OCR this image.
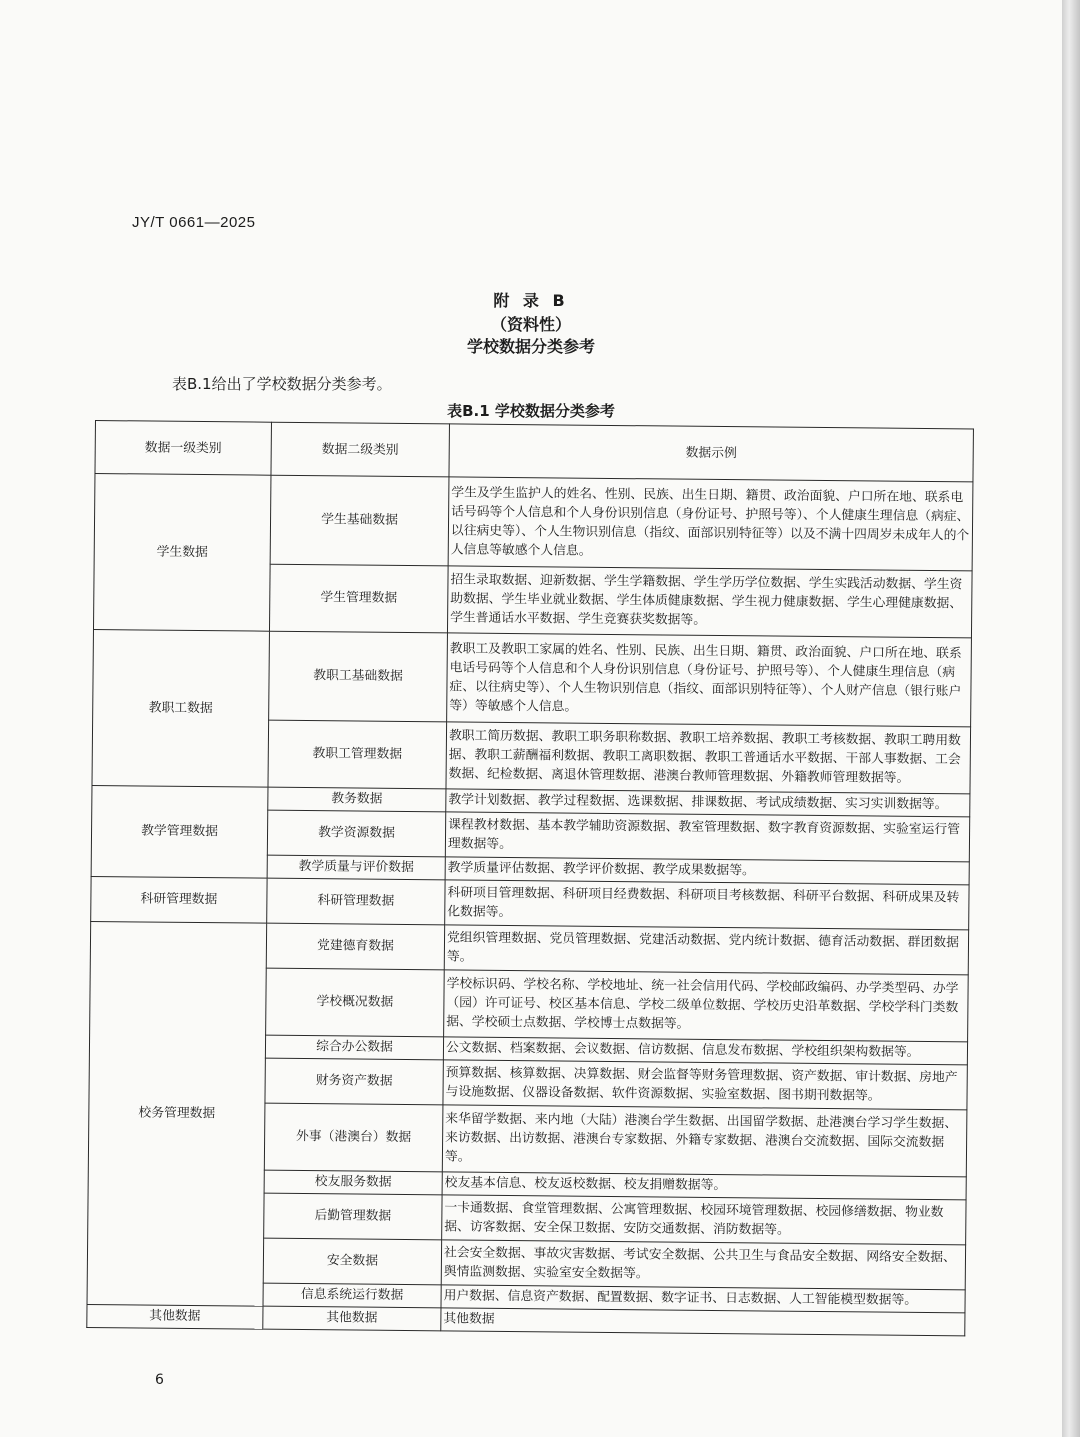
JY/T 0661—2025
附 录 B
（资料性）
学校数据分类参考
表B.1给出了学校数据分类参考。
表B.1 学校数据分类参考
数据一级类别	数据二级类别	数据示例
学生数据	学生基础数据	学生及学生监护人的姓名、性别、民族、出生日期、籍贯、政治面貌、户口所在地、联系电话号码等个人信息和个人身份识别信息（身份证号、护照号等）、个人健康生理信息（病症、以往病史等）、个人生物识别信息（指纹、面部识别特征等）以及不满十四周岁未成年人的个人信息等敏感个人信息。
	学生管理数据	招生录取数据、迎新数据、学生学籍数据、学生学历学位数据、学生实践活动数据、学生资助数据、学生毕业就业数据、学生体质健康数据、学生视力健康数据、学生心理健康数据、学生普通话水平数据、学生竞赛获奖数据等。
教职工数据	教职工基础数据	教职工及教职工家属的姓名、性别、民族、出生日期、籍贯、政治面貌、户口所在地、联系电话号码等个人信息和个人身份识别信息（身份证号、护照号等）、个人健康生理信息（病症、以往病史等）、个人生物识别信息（指纹、面部识别特征等）、个人财产信息（银行账户等）等敏感个人信息。
	教职工管理数据	教职工简历数据、教职工职务职称数据、教职工培养数据、教职工考核数据、教职工聘用数据、教职工薪酬福利数据、教职工离职数据、教职工普通话水平数据、干部人事数据、工会数据、纪检数据、离退休管理数据、港澳台教师管理数据、外籍教师管理数据等。
教学管理数据	教务数据	教学计划数据、教学过程数据、选课数据、排课数据、考试成绩数据、实习实训数据等。
	教学资源数据	课程教材数据、基本教学辅助资源数据、教室管理数据、数字教育资源数据、实验室运行管理数据等。
	教学质量与评价数据	教学质量评估数据、教学评价数据、教学成果数据等。
科研管理数据	科研管理数据	科研项目管理数据、科研项目经费数据、科研项目考核数据、科研平台数据、科研成果及转化数据等。
校务管理数据	党建德育数据	党组织管理数据、党员管理数据、党建活动数据、党内统计数据、德育活动数据、群团数据等。
	学校概况数据	学校标识码、学校名称、学校地址、统一社会信用代码、学校邮政编码、办学类型码、办学（园）许可证号、校区基本信息、学校二级单位数据、学校历史沿革数据、学校学科门类数据、学校硕士点数据、学校博士点数据等。
	综合办公数据	公文数据、档案数据、会议数据、信访数据、信息发布数据、学校组织架构数据等。
	财务资产数据	预算数据、核算数据、决算数据、财会监督等财务管理数据、资产数据、审计数据、房地产与设施数据、仪器设备数据、软件资源数据、实验室数据、图书期刊数据等。
	外事（港澳台）数据	来华留学数据、来内地（大陆）港澳台学生数据、出国留学数据、赴港澳台学习学生数据、来访数据、出访数据、港澳台专家数据、外籍专家数据、港澳台交流数据、国际交流数据等。
	校友服务数据	校友基本信息、校友返校数据、校友捐赠数据等。
	后勤管理数据	一卡通数据、食堂管理数据、公寓管理数据、校园环境管理数据、校园修缮数据、物业数据、访客数据、安全保卫数据、安防交通数据、消防数据等。
	安全数据	社会安全数据、事故灾害数据、考试安全数据、公共卫生与食品安全数据、网络安全数据、舆情监测数据、实验室安全数据等。
	信息系统运行数据	用户数据、信息资产数据、配置数据、数字证书、日志数据、人工智能模型数据等。
其他数据	其他数据	其他数据
6
